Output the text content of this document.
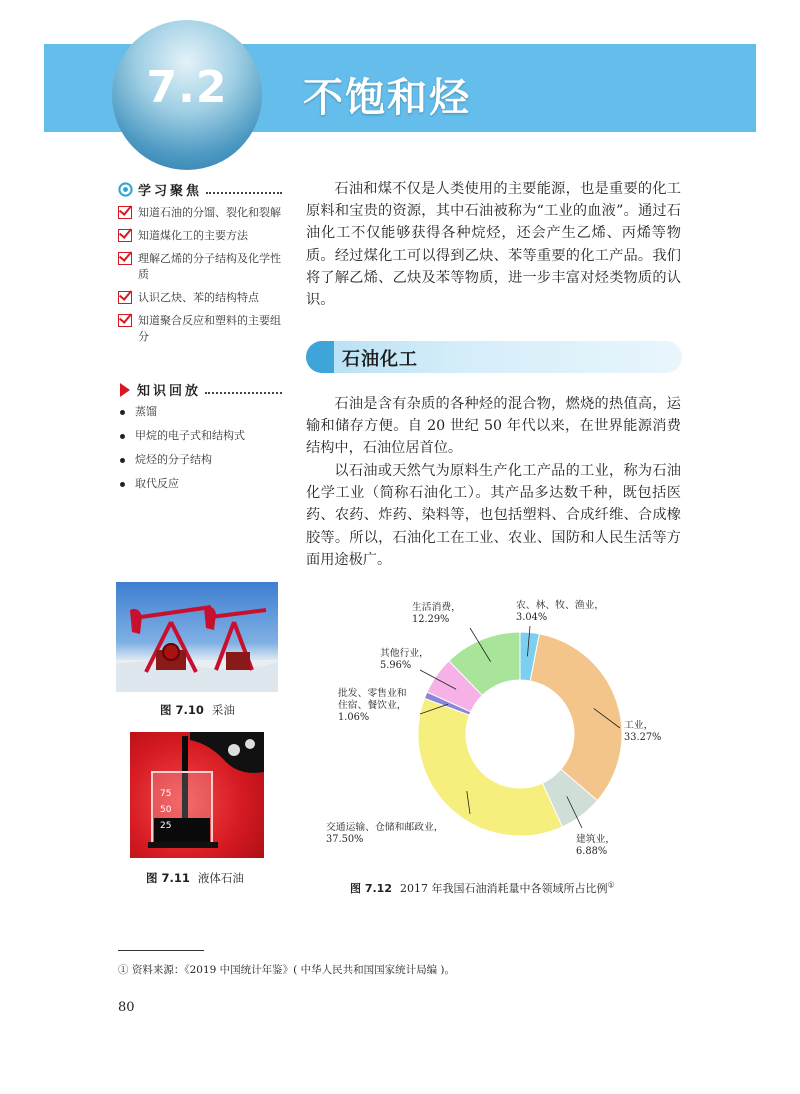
7.2	不饱和烃
学习聚焦
知道石油的分馏、裂化和裂解
知道煤化工的主要方法
理解乙烯的分子结构及化学性质
认识乙炔、苯的结构特点
知道聚合反应和塑料的主要组分
知识回放
蒸馏
甲烷的电子式和结构式
烷烃的分子结构
取代反应

石油和煤不仅是人类使用的主要能源，也是重要的化工原料和宝贵的资源，其中石油被称为“工业的血液”。通过石油化工不仅能够获得各种烷烃，还会产生乙烯、丙烯等物质。经过煤化工可以得到乙炔、苯等重要的化工产品。我们将了解乙烯、乙炔及苯等物质，进一步丰富对烃类物质的认识。

石油化工

石油是含有杂质的各种烃的混合物，燃烧的热值高，运输和储存方便。自 20 世纪 50 年代以来，在世界能源消费结构中，石油位居首位。

以石油或天然气为原料生产化工产品的工业，称为石油化学工业（简称石油化工）。其产品多达数千种，既包括医药、农药、炸药、染料等，也包括塑料、合成纤维、合成橡胶等。所以，石油化工在工业、农业、国防和人民生活等方面用途极广。

图 7.10 采油
75
50
25
图 7.11 液体石油
农、林、牧、渔业，
3.04%
工业，
33.27%
建筑业，
6.88%
交通运输、仓储和邮政业，
37.50%
批发、零售业和
住宿、餐饮业，
1.06%
其他行业，
5.96%
生活消费，
12.29%
图 7.12 2017 年我国石油消耗量中各领域所占比例①
① 资料来源：《2019 中国统计年鉴》( 中华人民共和国国家统计局编 )。
80
